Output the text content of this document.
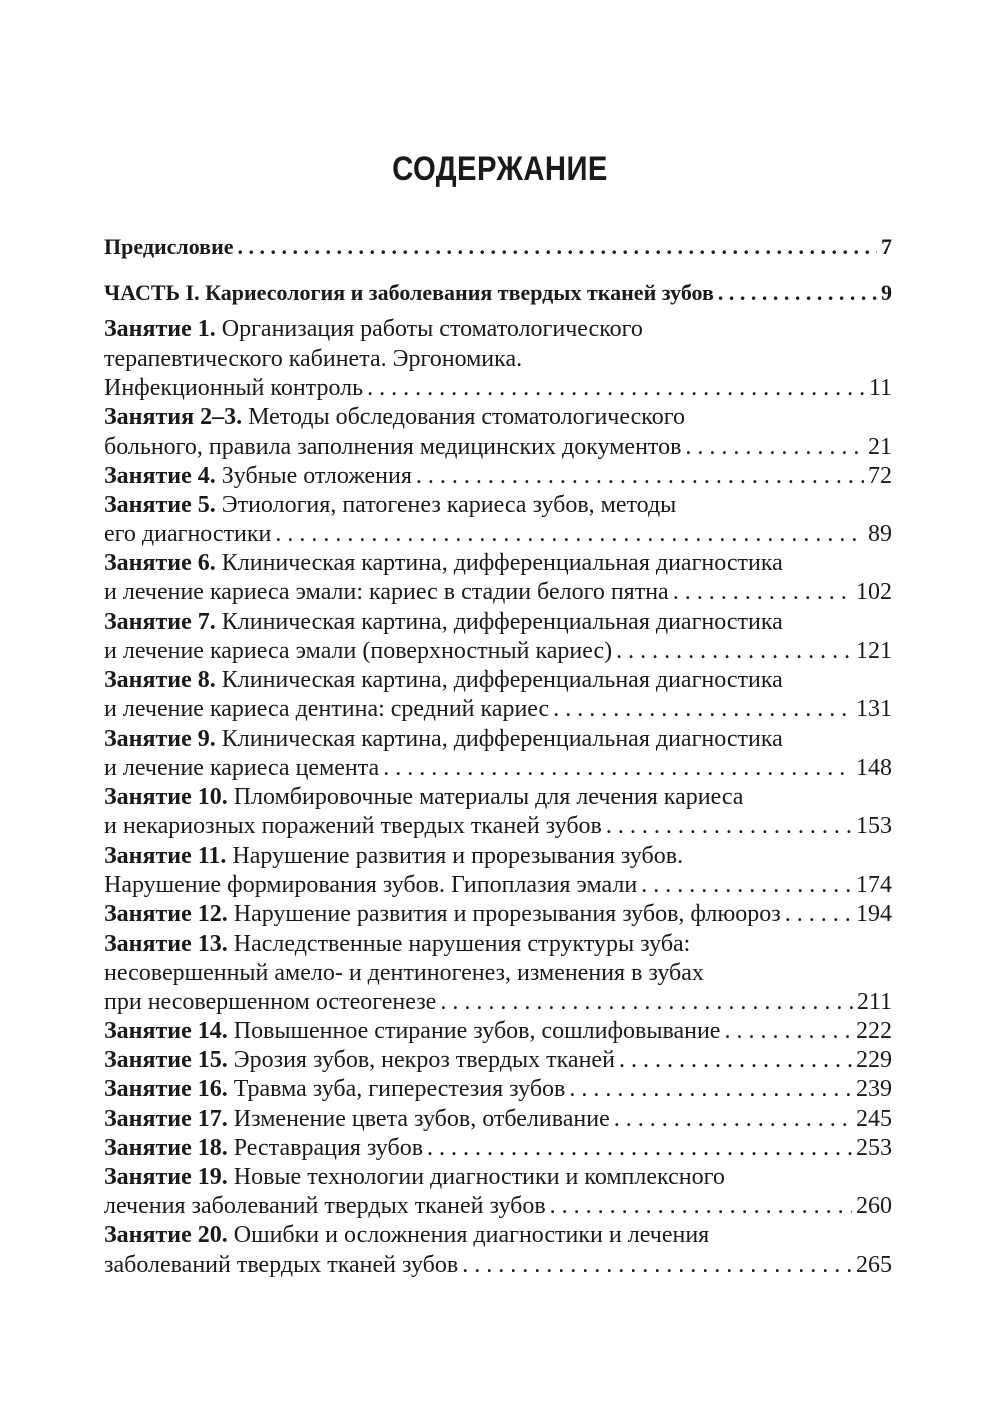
СОДЕРЖАНИЕ
Предисловие . . .	7
ЧАСТЬ I. Кариесология и заболевания твердых тканей зубов . . .	9
Занятие 1. Организация работы стоматологического
терапевтического кабинета. Эргономика.
Инфекционный контроль . . .	11
Занятия 2–3. Методы обследования стоматологического
больного, правила заполнения медицинских документов . . .	21
Занятие 4. Зубные отложения . . .	72
Занятие 5. Этиология, патогенез кариеса зубов, методы
его диагностики . . .	89
Занятие 6. Клиническая картина, дифференциальная диагностика
и лечение кариеса эмали: кариес в стадии белого пятна . . .	102
Занятие 7. Клиническая картина, дифференциальная диагностика
и лечение кариеса эмали (поверхностный кариес) . . .	121
Занятие 8. Клиническая картина, дифференциальная диагностика
и лечение кариеса дентина: средний кариес . . .	131
Занятие 9. Клиническая картина, дифференциальная диагностика
и лечение кариеса цемента . . .	148
Занятие 10. Пломбировочные материалы для лечения кариеса
и некариозных поражений твердых тканей зубов . . .	153
Занятие 11. Нарушение развития и прорезывания зубов.
Нарушение формирования зубов. Гипоплазия эмали . . .	174
Занятие 12. Нарушение развития и прорезывания зубов, флюороз . . .	194
Занятие 13. Наследственные нарушения структуры зуба:
несовершенный амело- и дентиногенез, изменения в зубах
при несовершенном остеогенезе . . .	211
Занятие 14. Повышенное стирание зубов, сошлифовывание . . .	222
Занятие 15. Эрозия зубов, некроз твердых тканей . . .	229
Занятие 16. Травма зуба, гиперестезия зубов . . .	239
Занятие 17. Изменение цвета зубов, отбеливание . . .	245
Занятие 18. Реставрация зубов . . .	253
Занятие 19. Новые технологии диагностики и комплексного
лечения заболеваний твердых тканей зубов . . .	260
Занятие 20. Ошибки и осложнения диагностики и лечения
заболеваний твердых тканей зубов . . .	265
